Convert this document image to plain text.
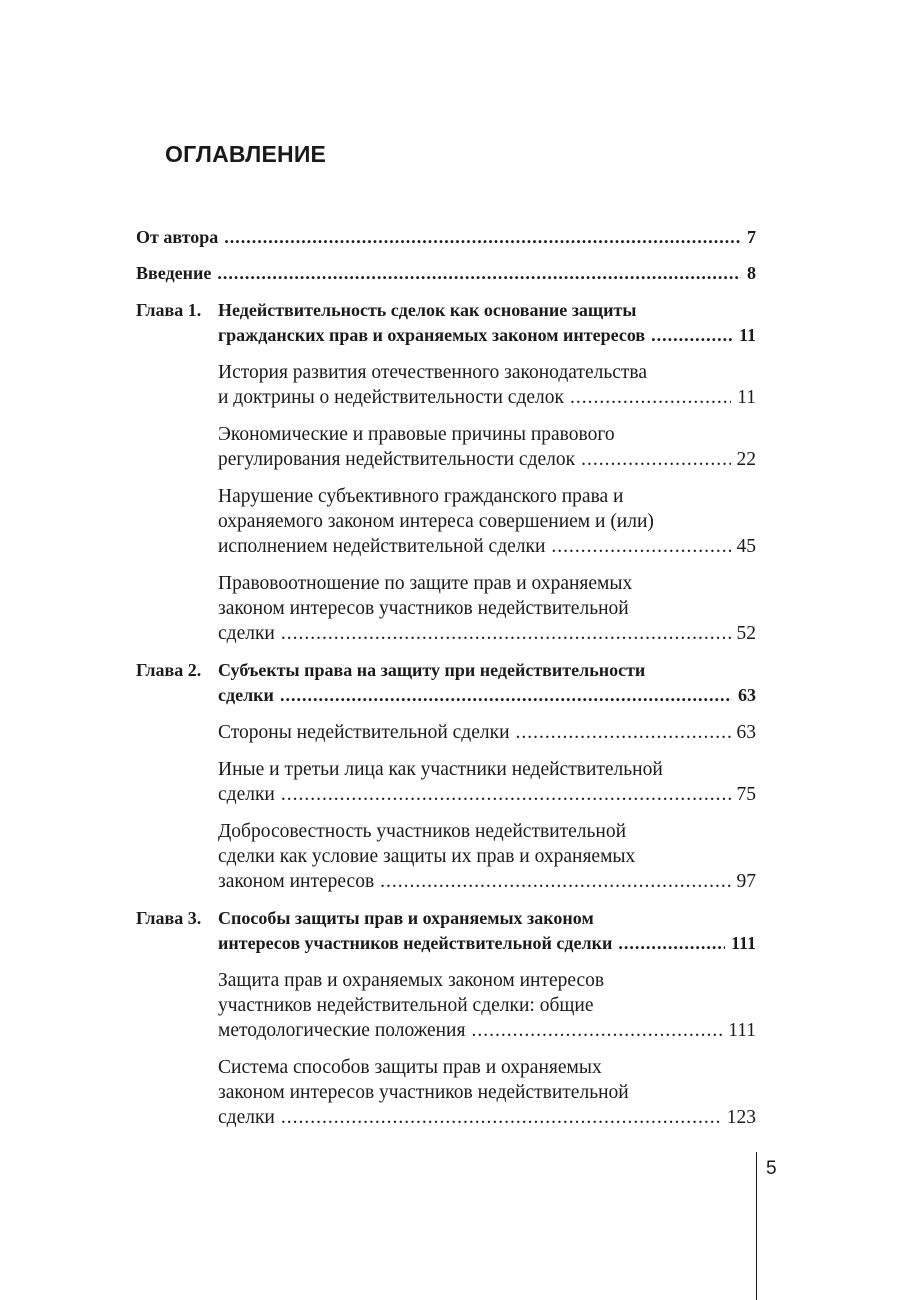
ОГЛАВЛЕНИЕ
От автора .....	7
Введение .....	8
Глава 1. Недействительность сделок как основание защиты
гражданских прав и охраняемых законом интересов .....	11
История развития отечественного законодательства
и доктрины о недействительности сделок .....	11
Экономические и правовые причины правового
регулирования недействительности сделок .....	22
Нарушение субъективного гражданского права и
охраняемого законом интереса совершением и (или)
исполнением недействительной сделки .....	45
Правовоотношение по защите прав и охраняемых
законом интересов участников недействительной
сделки .....	52
Глава 2. Субъекты права на защиту при недействительности
сделки .....	63
Стороны недействительной сделки .....	63
Иные и третьи лица как участники недействительной
сделки .....	75
Добросовестность участников недействительной
сделки как условие защиты их прав и охраняемых
законом интересов .....	97
Глава 3. Способы защиты прав и охраняемых законом
интересов участников недействительной сделки .....	111
Защита прав и охраняемых законом интересов
участников недействительной сделки: общие
методологические положения .....	111
Система способов защиты прав и охраняемых
законом интересов участников недействительной
сделки .....	123
5
